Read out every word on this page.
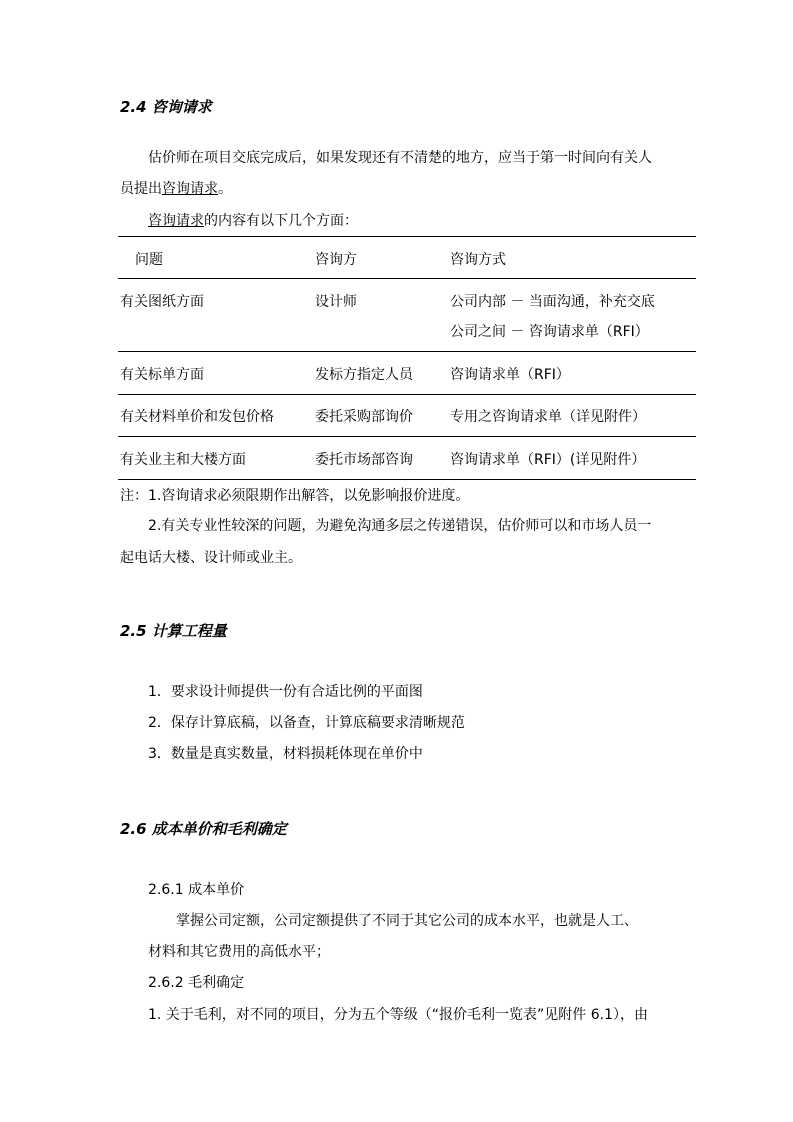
2.4 咨询请求
估价师在项目交底完成后，如果发现还有不清楚的地方，应当于第一时间向有关人
员提出咨询请求。
咨询请求的内容有以下几个方面：
问题	咨询方	咨询方式
有关图纸方面	设计师	公司内部 － 当面沟通，补充交底
公司之间 － 咨询请求单（RFI）
有关标单方面	发标方指定人员	咨询请求单（RFI）
有关材料单价和发包价格	委托采购部询价	专用之咨询请求单（详见附件）
有关业主和大楼方面	委托市场部咨询	咨询请求单（RFI）(详见附件）
注：1.咨询请求必须限期作出解答，以免影响报价进度。
2.有关专业性较深的问题，为避免沟通多层之传递错误，估价师可以和市场人员一
起电话大楼、设计师或业主。
2.5 计算工程量
1．要求设计师提供一份有合适比例的平面图
2．保存计算底稿，以备查，计算底稿要求清晰规范
3．数量是真实数量，材料损耗体现在单价中
2.6 成本单价和毛利确定
2.6.1 成本单价
掌握公司定额，公司定额提供了不同于其它公司的成本水平，也就是人工、
材料和其它费用的高低水平；
2.6.2 毛利确定
1. 关于毛利，对不同的项目，分为五个等级（“报价毛利一览表”见附件 6.1），由
